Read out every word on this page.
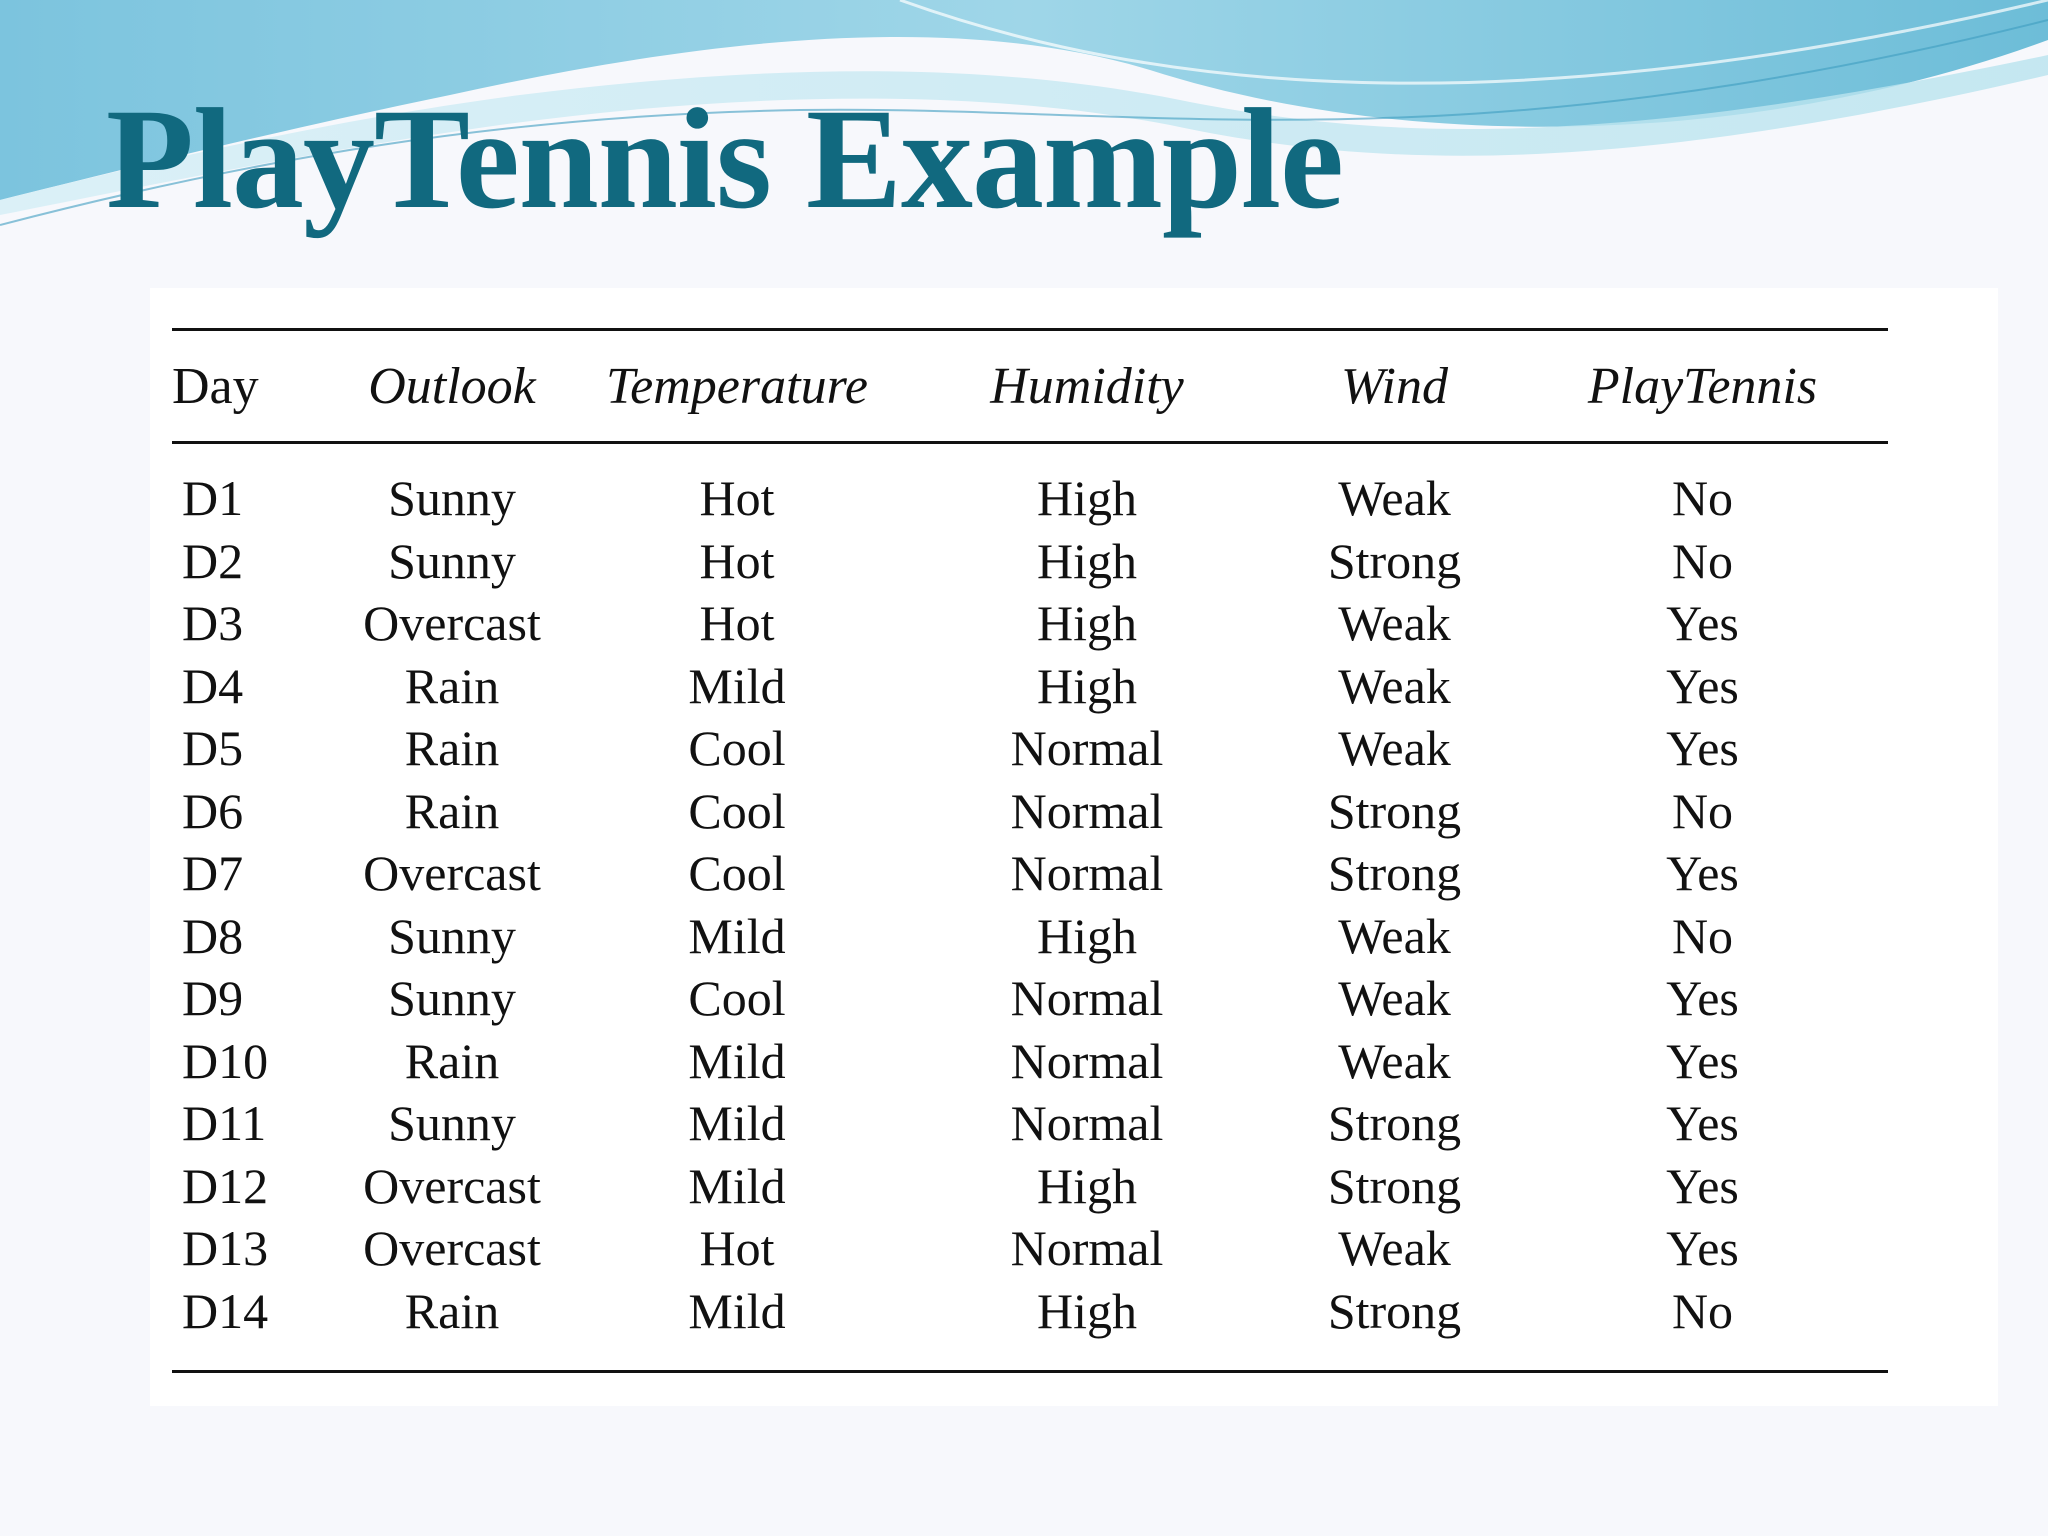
PlayTennis Example
Day	Outlook	Temperature	Humidity	Wind	PlayTennis
D1	Sunny	Hot	High	Weak	No
D2	Sunny	Hot	High	Strong	No
D3	Overcast	Hot	High	Weak	Yes
D4	Rain	Mild	High	Weak	Yes
D5	Rain	Cool	Normal	Weak	Yes
D6	Rain	Cool	Normal	Strong	No
D7	Overcast	Cool	Normal	Strong	Yes
D8	Sunny	Mild	High	Weak	No
D9	Sunny	Cool	Normal	Weak	Yes
D10	Rain	Mild	Normal	Weak	Yes
D11	Sunny	Mild	Normal	Strong	Yes
D12	Overcast	Mild	High	Strong	Yes
D13	Overcast	Hot	Normal	Weak	Yes
D14	Rain	Mild	High	Strong	No
